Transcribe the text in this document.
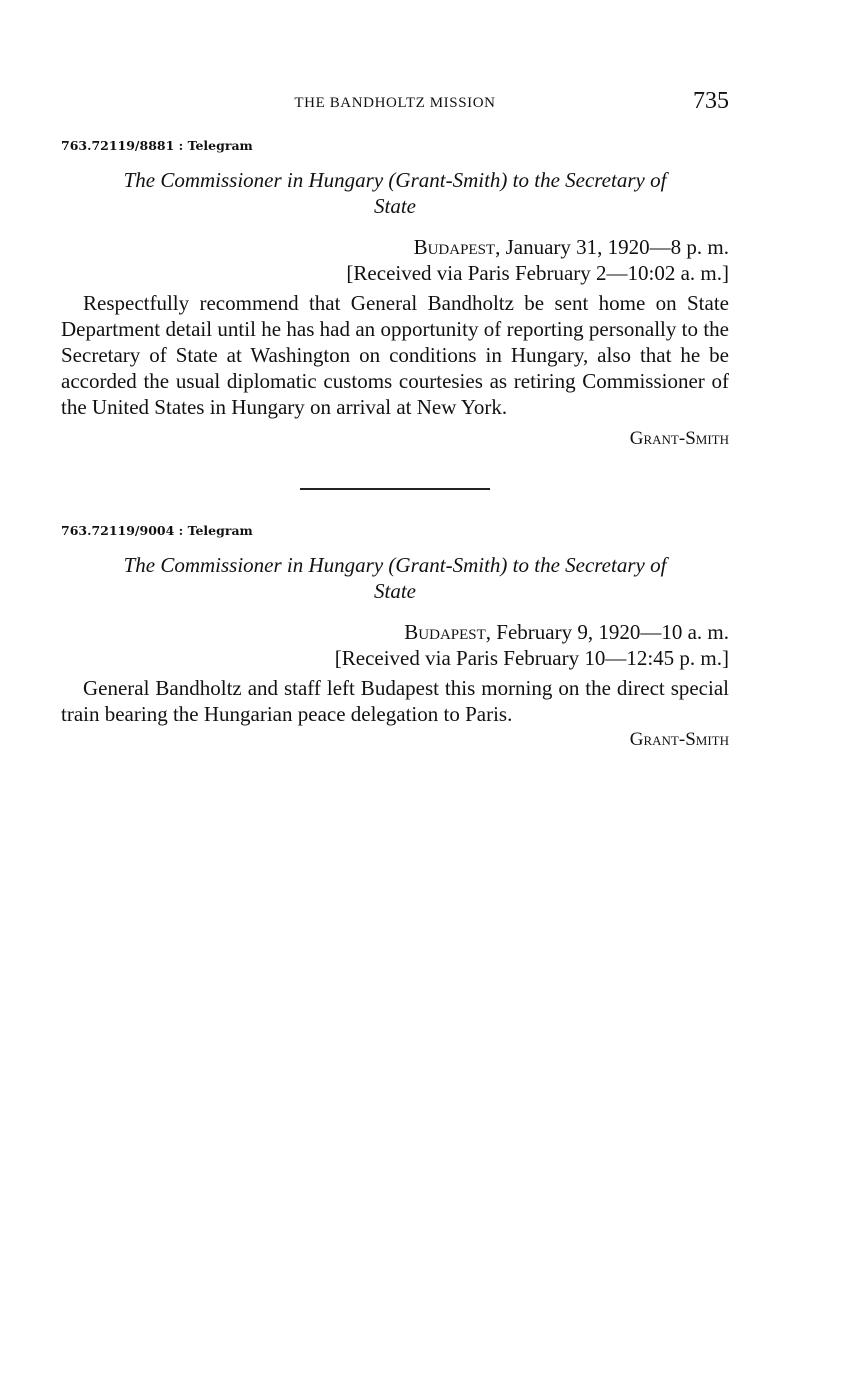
THE BANDHOLTZ MISSION	735

763.72119/8881 : Telegram

The Commissioner in Hungary (Grant-Smith) to the Secretary of
State

Budapest, January 31, 1920—8 p. m.

[Received via Paris February 2—10:02 a. m.]

Respectfully recommend that General Bandholtz be sent home on State Department detail until he has had an opportunity of reporting personally to the Secretary of State at Washington on conditions in Hungary, also that he be accorded the usual diplomatic customs courtesies as retiring Commissioner of the United States in Hungary on arrival at New York.

Grant-Smith

763.72119/9004 : Telegram

The Commissioner in Hungary (Grant-Smith) to the Secretary of
State

Budapest, February 9, 1920—10 a. m.

[Received via Paris February 10—12:45 p. m.]

General Bandholtz and staff left Budapest this morning on the direct special train bearing the Hungarian peace delegation to Paris.

Grant-Smith
